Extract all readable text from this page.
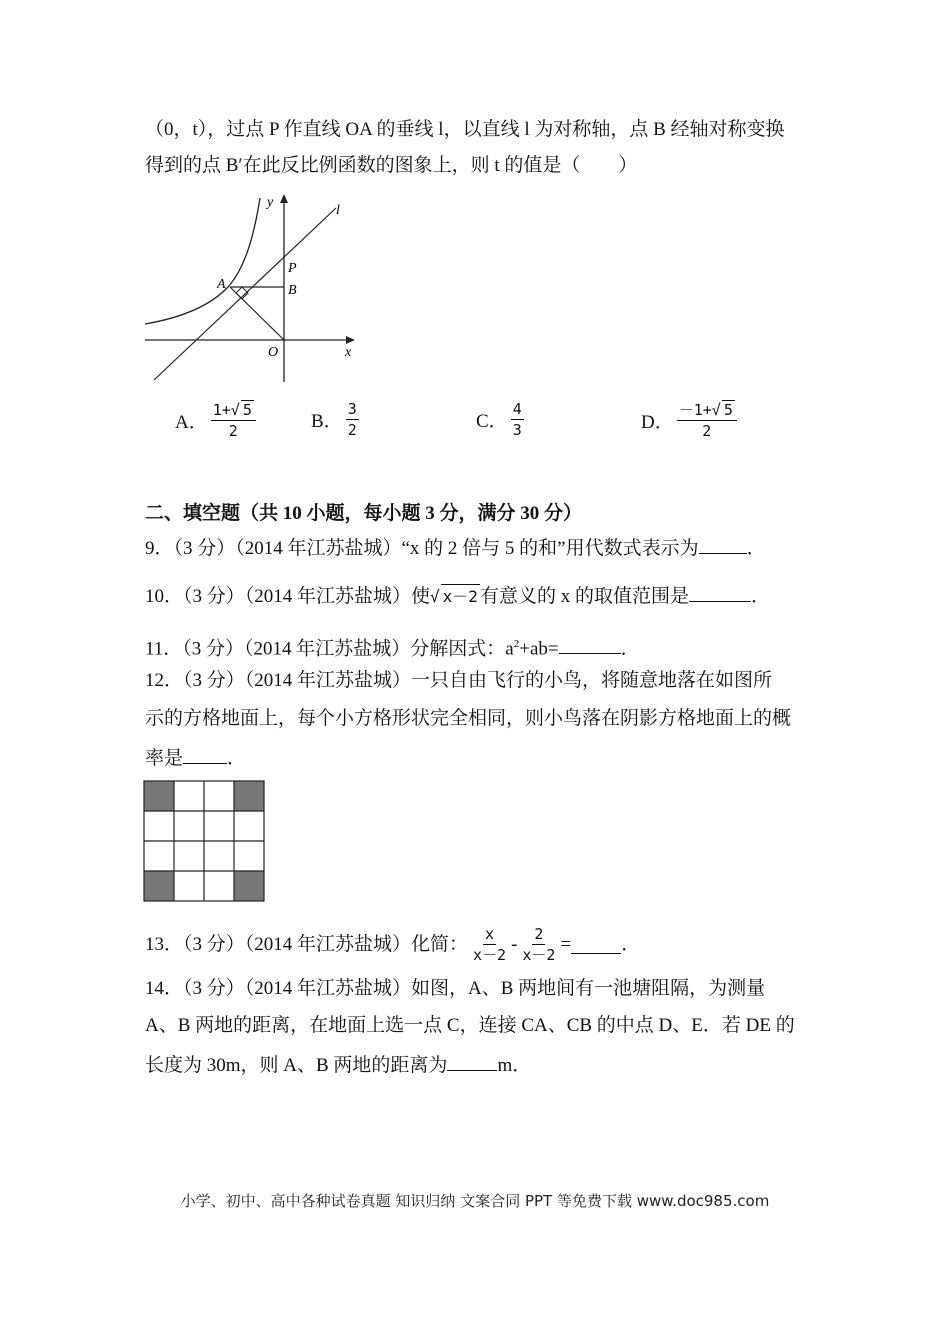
（0，t），过点 P 作直线 OA 的垂线 l，以直线 l 为对称轴，点 B 经轴对称变换
得到的点 B′在此反比例函数的图象上，则 t 的值是（　　）
y
l
P
A	B
O	x
A． $\frac{1+√ 5}{2}$	B． $\frac{3}{2}$	C． $\frac{4}{3}$	D． $\frac{-1+√ 5}{2}$
二、填空题（共 10 小题，每小题 3 分，满分 30 分）
9．（3 分）（2014 年江苏盐城）“x 的 2 倍与 5 的和”用代数式表示为	．
10．（3 分）（2014 年江苏盐城）使√ x－2 有意义的 x 的取值范围是	．
11．（3 分）（2014 年江苏盐城）分解因式：$a^2+ab=$	．
12．（3 分）（2014 年江苏盐城）一只自由飞行的小鸟，将随意地落在如图所
示的方格地面上，每个小方格形状完全相同，则小鸟落在阴影方格地面上的概
率是 ．
13．（3 分）（2014 年江苏盐城）化简： $\frac{x}{x-2} - \frac{2}{x-2}$ =	．
14．（3 分）（2014 年江苏盐城）如图，A、B 两地间有一池塘阻隔，为测量
A、B 两地的距离，在地面上选一点 C，连接 CA、CB 的中点 D、E．若 DE 的
长度为 30m，则 A、B 两地的距离为	m．
小学、初中、高中各种试卷真题 知识归纳 文案合同 PPT 等免费下载 www.doc985.com
